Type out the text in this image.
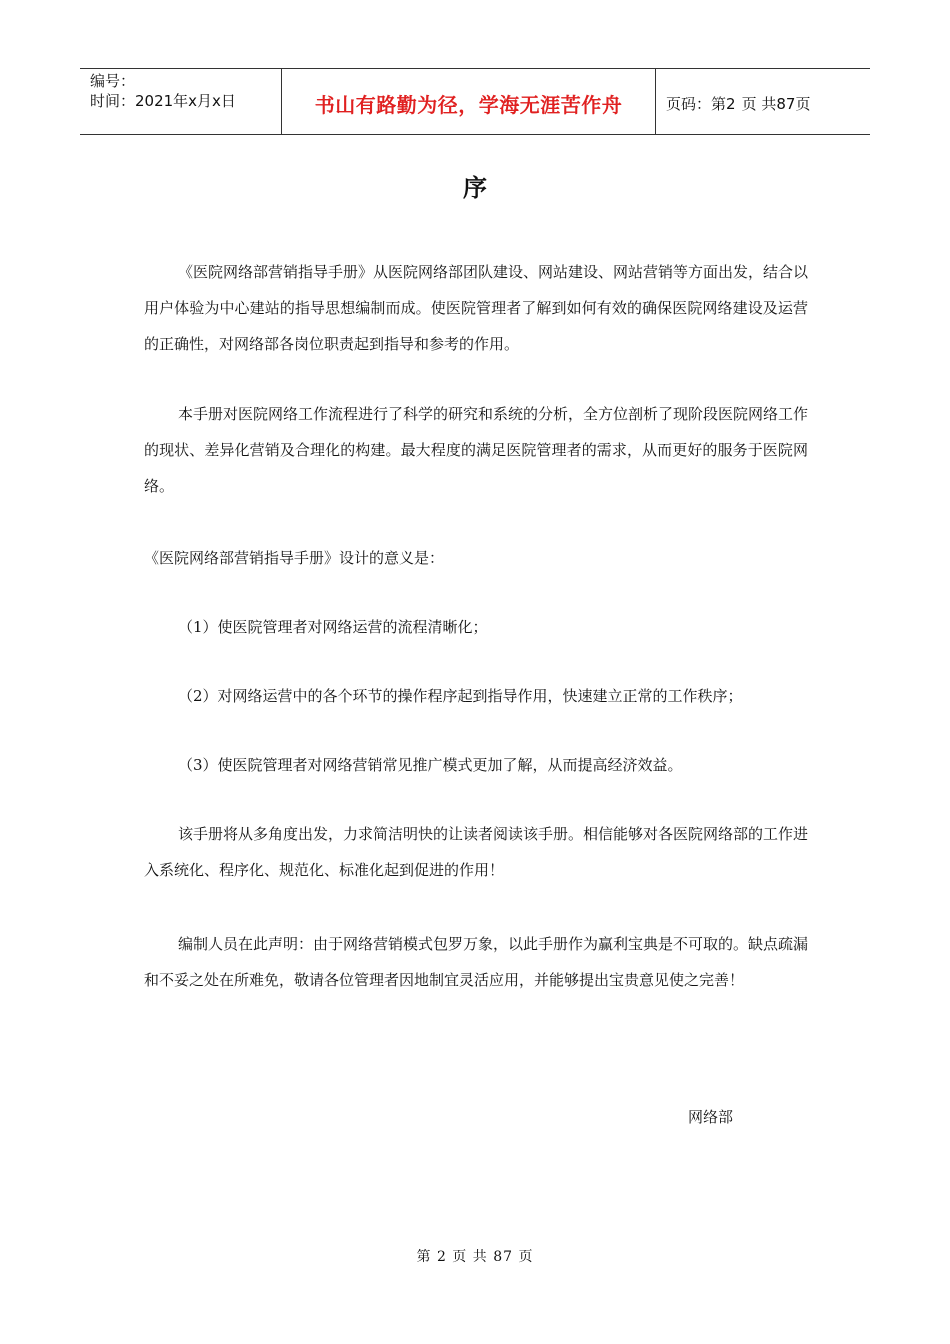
编号：
时间：2021年x月x日	书山有路勤为径，学海无涯苦作舟	页码：第 2 页 共 87 页
序

《医院网络部营销指导手册》从医院网络部团队建设、网站建设、网站营销等方面出发，结合以用户体验为中心建站的指导思想编制而成。使医院管理者了解到如何有效的确保医院网络建设及运营的正确性，对网络部各岗位职责起到指导和参考的作用。

本手册对医院网络工作流程进行了科学的研究和系统的分析，全方位剖析了现阶段医院网络工作的现状、差异化营销及合理化的构建。最大程度的满足医院管理者的需求，从而更好的服务于医院网络。

《医院网络部营销指导手册》设计的意义是：

（1）使医院管理者对网络运营的流程清晰化；

（2）对网络运营中的各个环节的操作程序起到指导作用，快速建立正常的工作秩序；

（3）使医院管理者对网络营销常见推广模式更加了解，从而提高经济效益。

该手册将从多角度出发，力求简洁明快的让读者阅读该手册。相信能够对各医院网络部的工作进入系统化、程序化、规范化、标准化起到促进的作用！

编制人员在此声明：由于网络营销模式包罗万象，以此手册作为赢利宝典是不可取的。缺点疏漏和不妥之处在所难免，敬请各位管理者因地制宜灵活应用，并能够提出宝贵意见使之完善！

网络部
第 2 页 共 87 页
